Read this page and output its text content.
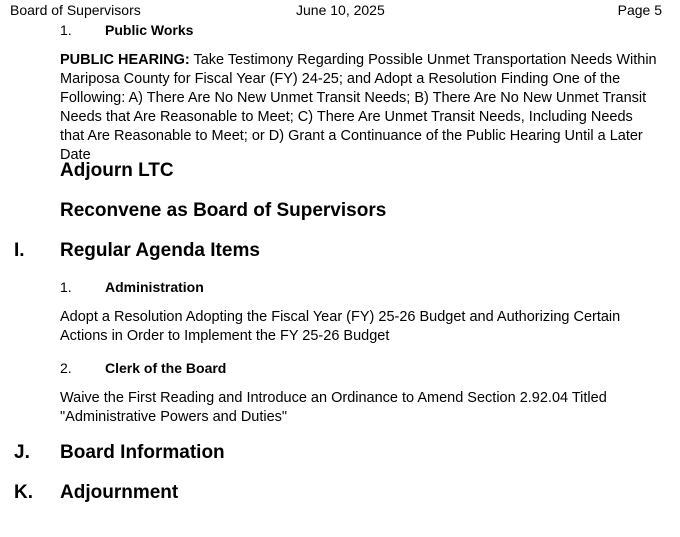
Board of Supervisors	June 10, 2025	Page 5
1. Public Works
PUBLIC HEARING: Take Testimony Regarding Possible Unmet Transportation Needs Within Mariposa County for Fiscal Year (FY) 24-25; and Adopt a Resolution Finding One of the Following: A) There Are No New Unmet Transit Needs; B) There Are No New Unmet Transit Needs that Are Reasonable to Meet; C) There Are Unmet Transit Needs, Including Needs that Are Reasonable to Meet; or D) Grant a Continuance of the Public Hearing Until a Later Date
Adjourn LTC
Reconvene as Board of Supervisors
I. Regular Agenda Items
1. Administration
Adopt a Resolution Adopting the Fiscal Year (FY) 25-26 Budget and Authorizing Certain Actions in Order to Implement the FY 25-26 Budget
2. Clerk of the Board
Waive the First Reading and Introduce an Ordinance to Amend Section 2.92.04 Titled "Administrative Powers and Duties"
J. Board Information
K. Adjournment
